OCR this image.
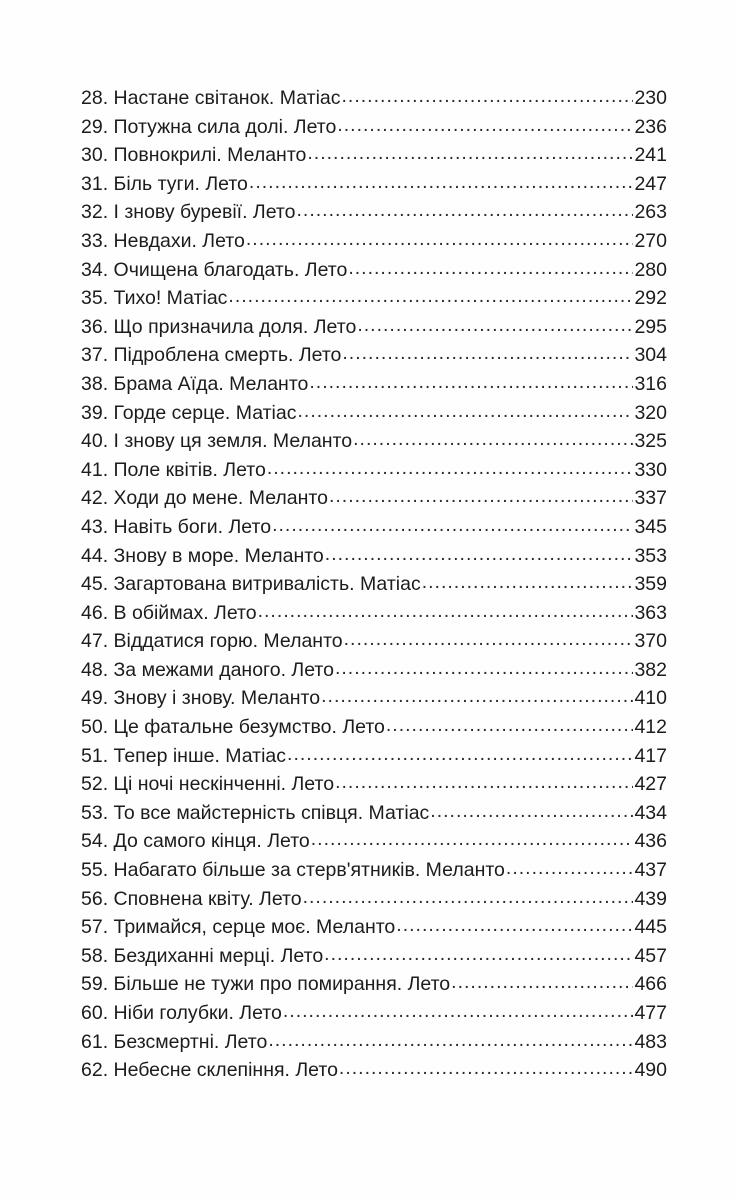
28. Настане світанок. Матіас .....	230
29. Потужна сила долі. Лето .....	236
30. Повнокрилі. Меланто .....	241
31. Біль туги. Лето .....	247
32. І знову буревії. Лето .....	263
33. Невдахи. Лето .....	270
34. Очищена благодать. Лето .....	280
35. Тихо! Матіас .....	292
36. Що призначила доля. Лето .....	295
37. Підроблена смерть. Лето .....	304
38. Брама Аїда. Меланто .....	316
39. Горде серце. Матіас .....	320
40. І знову ця земля. Меланто .....	325
41. Поле квітів. Лето .....	330
42. Ходи до мене. Меланто .....	337
43. Навіть боги. Лето .....	345
44. Знову в море. Меланто .....	353
45. Загартована витривалість. Матіас .....	359
46. В обіймах. Лето .....	363
47. Віддатися горю. Меланто .....	370
48. За межами даного. Лето .....	382
49. Знову і знову. Меланто .....	410
50. Це фатальне безумство. Лето .....	412
51. Тепер інше. Матіас .....	417
52. Ці ночі нескінченні. Лето .....	427
53. То все майстерність співця. Матіас .....	434
54. До самого кінця. Лето .....	436
55. Набагато більше за стерв'ятників. Меланто .....	437
56. Сповнена квіту. Лето .....	439
57. Тримайся, серце моє. Меланто .....	445
58. Бездиханні мерці. Лето .....	457
59. Більше не тужи про помирання. Лето .....	466
60. Ніби голубки. Лето .....	477
61. Безсмертні. Лето .....	483
62. Небесне склепіння. Лето .....	490
